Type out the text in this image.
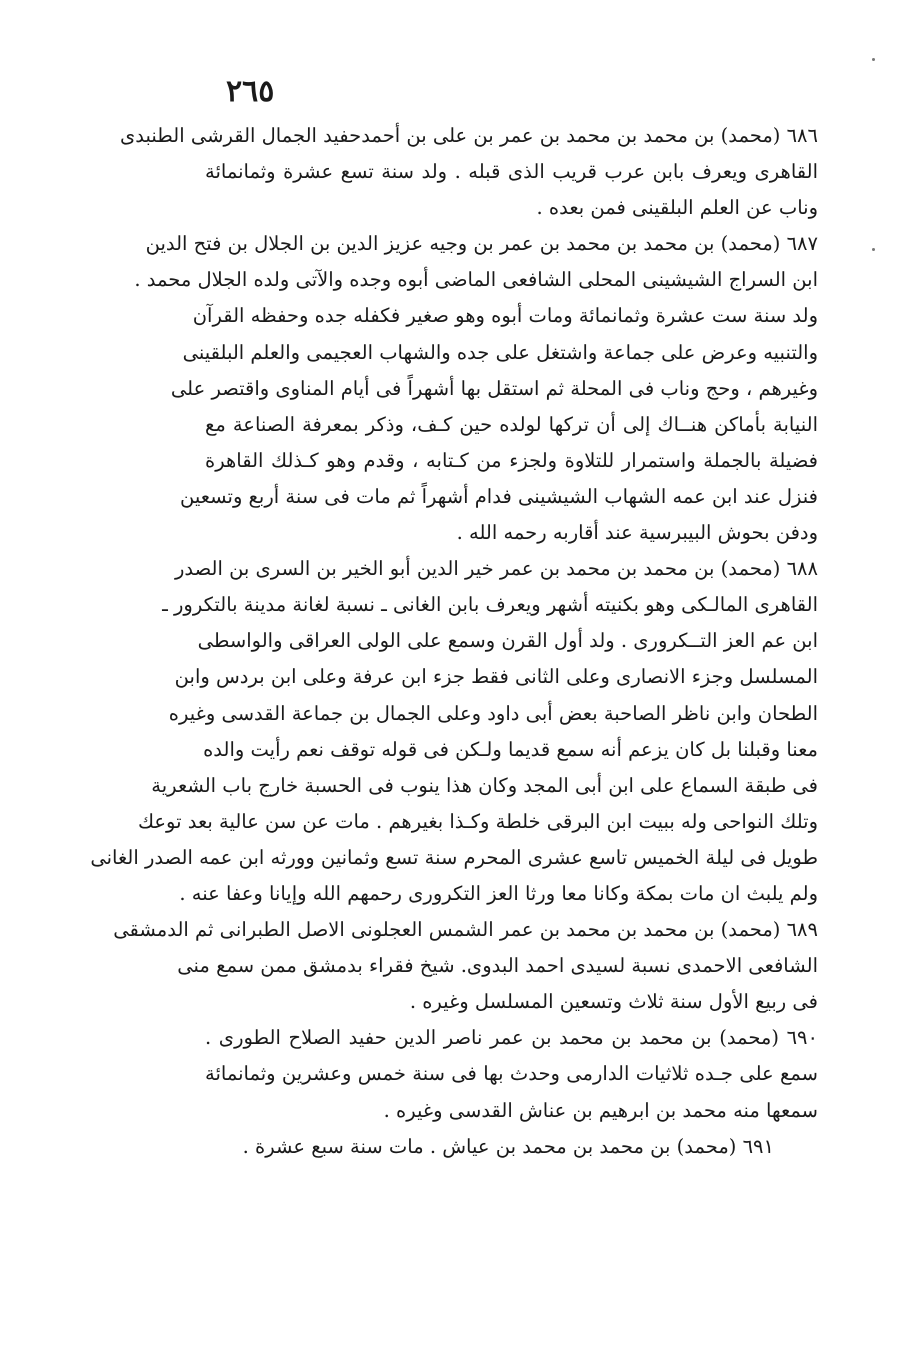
٢٦٥
٦٨٦ (محمد) بن محمد بن محمد بن عمر بن على بن أحمدحفيد الجمال القرشى الطنبدى
القاهرى ويعرف بابن عرب قريب الذى قبله . ولد سنة تسع عشرة وثمانمائة
وناب عن العلم البلقينى فمن بعده .
٦٨٧ (محمد) بن محمد بن محمد بن عمر بن وجيه عزيز الدين بن الجلال بن فتح الدين
ابن السراج الشيشينى المحلى الشافعى الماضى أبوه وجده والآتى ولده الجلال محمد .
ولد سنة ست عشرة وثمانمائة ومات أبوه وهو صغير فكفله جده وحفظه القرآن
والتنبيه وعرض على جماعة واشتغل على جده والشهاب العجيمى والعلم البلقينى
وغيرهم ، وحج وناب فى المحلة ثم استقل بها أشهراً فى أيام المناوى واقتصر على
النيابة بأماكن هنــاك إلى أن تركها لولده حين كـف، وذكر بمعرفة الصناعة مع
فضيلة بالجملة واستمرار للتلاوة ولجزء من كـتابه ، وقدم وهو كـذلك القاهرة
فنزل عند ابن عمه الشهاب الشيشينى فدام أشهراً ثم مات فى سنة أربع وتسعين
ودفن بحوش البيبرسية عند أقاربه رحمه الله .
٦٨٨ (محمد) بن محمد بن محمد بن عمر خير الدين أبو الخير بن السرى بن الصدر
القاهرى المالـكى وهو بكنيته أشهر ويعرف بابن الغانى ـ نسبة لغانة مدينة بالتكرور ـ
ابن عم العز التــكرورى . ولد أول القرن وسمع على الولى العراقى والواسطى
المسلسل وجزء الانصارى وعلى الثانى فقط جزء ابن عرفة وعلى ابن بردس وابن
الطحان وابن ناظر الصاحبة بعض أبى داود وعلى الجمال بن جماعة القدسى وغيره
معنا وقبلنا بل كان يزعم أنه سمع قديما ولـكن فى قوله توقف نعم رأيت والده
فى طبقة السماع على ابن أبى المجد وكان هذا ينوب فى الحسبة خارج باب الشعرية
وتلك النواحى وله ببيت ابن البرقى خلطة وكـذا بغيرهم . مات عن سن عالية بعد توعك
طويل فى ليلة الخميس تاسع عشرى المحرم سنة تسع وثمانين وورثه ابن عمه الصدر الغانى
ولم يلبث ان مات بمكة وكانا معا ورثا العز التكرورى رحمهم الله وإيانا وعفا عنه .
٦٨٩ (محمد) بن محمد بن محمد بن عمر الشمس العجلونى الاصل الطبرانى ثم الدمشقى
الشافعى الاحمدى نسبة لسيدى احمد البدوى. شيخ فقراء بدمشق ممن سمع منى
فى ربيع الأول سنة ثلاث وتسعين المسلسل وغيره .
٦٩٠ (محمد) بن محمد بن محمد بن عمر ناصر الدين حفيد الصلاح الطورى .
سمع على جـده ثلاثيات الدارمى وحدث بها فى سنة خمس وعشرين وثمانمائة
سمعها منه محمد بن ابرهيم بن عناش القدسى وغيره .
٦٩١ (محمد) بن محمد بن محمد بن عياش . مات سنة سبع عشرة .
